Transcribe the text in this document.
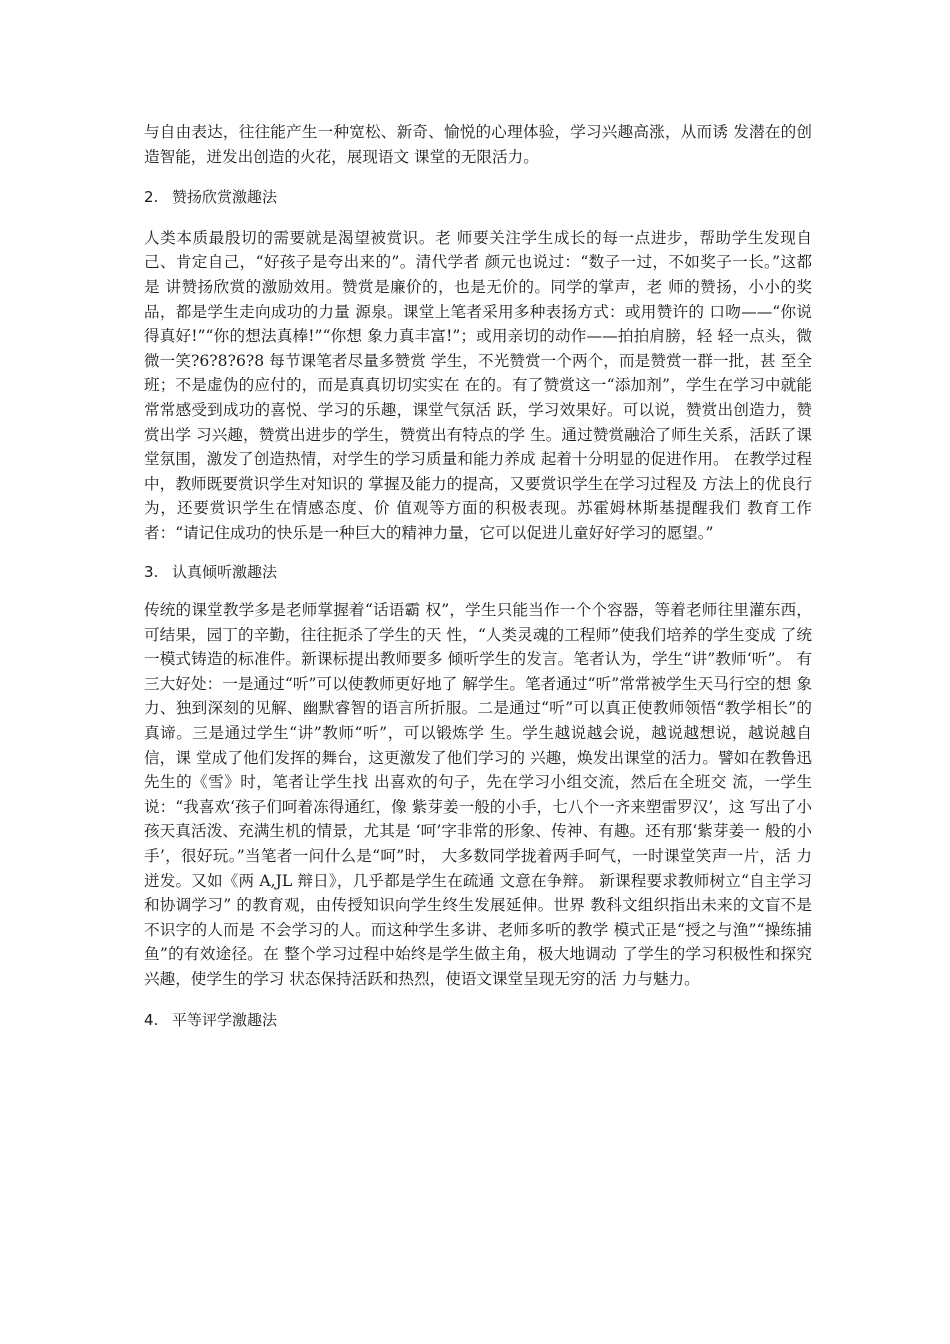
与自由表达，往往能产生一种宽松、新奇、愉悦的心理体验，学习兴趣高涨，从而诱 发潜在的创造智能，迸发出创造的火花，展现语文 课堂的无限活力。

2. 赞扬欣赏激趣法

人类本质最殷切的需要就是渴望被赏识。老 师要关注学生成长的每一点进步，帮助学生发现自己、肯定自己，“好孩子是夸出来的”。清代学者 颜元也说过：“数子一过，不如奖子一长。”这都是 讲赞扬欣赏的激励效用。赞赏是廉价的，也是无价的。同学的掌声，老 师的赞扬，小小的奖品，都是学生走向成功的力量 源泉。课堂上笔者采用多种表扬方式：或用赞许的 口吻——“你说得真好!”“你的想法真棒!”“你想 象力真丰富!”；或用亲切的动作——拍拍肩膀，轻 轻一点头，微微一笑?6?8?6?8 每节课笔者尽量多赞赏 学生，不光赞赏一个两个，而是赞赏一群一批，甚 至全班；不是虚伪的应付的，而是真真切切实实在 在的。有了赞赏这一“添加剂”，学生在学习中就能 常常感受到成功的喜悦、学习的乐趣，课堂气氛活 跃，学习效果好。可以说，赞赏出创造力，赞赏出学 习兴趣，赞赏出进步的学生，赞赏出有特点的学 生。通过赞赏融洽了师生关系，活跃了课堂氛围，激发了创造热情，对学生的学习质量和能力养成 起着十分明显的促进作用。 在教学过程中，教师既要赏识学生对知识的 掌握及能力的提高，又要赏识学生在学习过程及 方法上的优良行为，还要赏识学生在情感态度、价 值观等方面的积极表现。苏霍姆林斯基提醒我们 教育工作者：“请记住成功的快乐是一种巨大的精神力量，它可以促进儿童好好学习的愿望。”

3. 认真倾听激趣法

传统的课堂教学多是老师掌握着“话语霸 权”，学生只能当作一个个容器，等着老师往里灌东西，可结果，园丁的辛勤，往往扼杀了学生的天 性，“人类灵魂的工程师”使我们培养的学生变成 了统一模式铸造的标准件。新课标提出教师要多 倾听学生的发言。笔者认为，学生“讲”教师‘听”。 有三大好处：一是通过“听”可以使教师更好地了 解学生。笔者通过“听”常常被学生天马行空的想 象力、独到深刻的见解、幽默睿智的语言所折服。二是通过“听”可以真正使教师领悟“教学相长”的 真谛。三是通过学生“讲”教师“听”，可以锻炼学 生。学生越说越会说，越说越想说，越说越自信，课 堂成了他们发挥的舞台，这更激发了他们学习的 兴趣，焕发出课堂的活力。譬如在教鲁迅先生的《雪》时，笔者让学生找 出喜欢的句子，先在学习小组交流，然后在全班交 流，一学生说：“我喜欢‘孩子们呵着冻得通红，像 紫芽姜一般的小手，七八个一齐来塑雷罗汉’，这 写出了小孩天真活泼、充满生机的情景，尤其是 ‘呵’字非常的形象、传神、有趣。还有那‘紫芽姜一 般的小手’，很好玩。”当笔者一问什么是“呵”时， 大多数同学拢着两手呵气，一时课堂笑声一片，活 力迸发。又如《两 A,JL 辩日》，几乎都是学生在疏通 文意在争辩。 新课程要求教师树立“自主学习和协调学习” 的教育观，由传授知识向学生终生发展延伸。世界 教科文组织指出未来的文盲不是不识字的人而是 不会学习的人。而这种学生多讲、老师多听的教学 模式正是“授之与渔”“操练捕鱼”的有效途径。在 整个学习过程中始终是学生做主角，极大地调动 了学生的学习积极性和探究兴趣，使学生的学习 状态保持活跃和热烈，使语文课堂呈现无穷的活 力与魅力。

4. 平等评学激趣法
